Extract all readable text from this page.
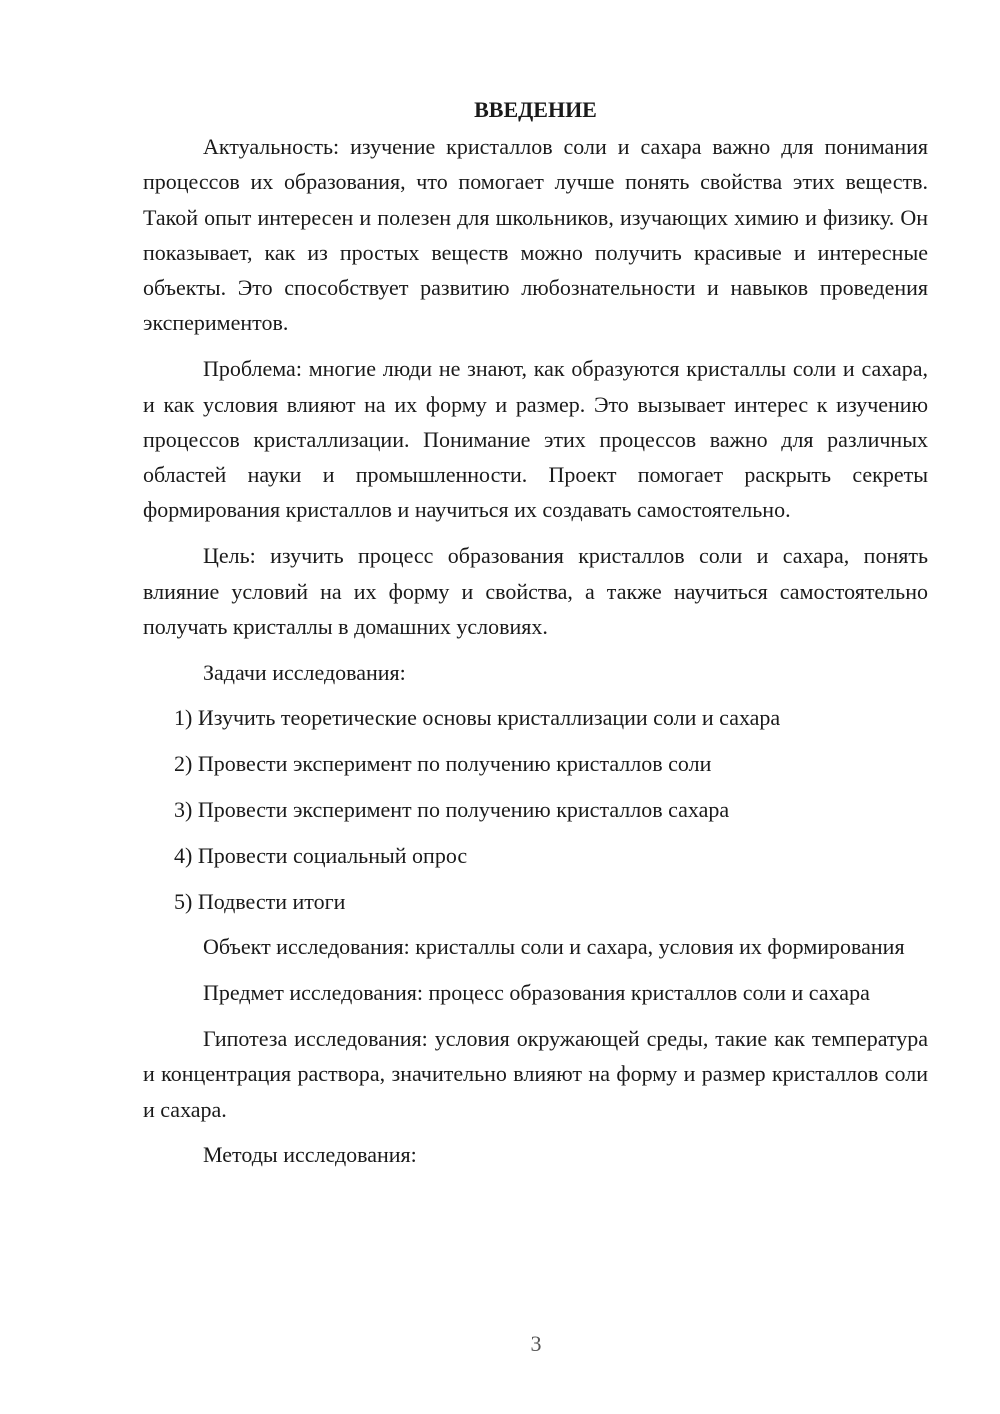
ВВЕДЕНИЕ

Актуальность: изучение кристаллов соли и сахара важно для понимания процессов их образования, что помогает лучше понять свойства этих веществ. Такой опыт интересен и полезен для школьников, изучающих химию и физику. Он показывает, как из простых веществ можно получить красивые и интересные объекты. Это способствует развитию любознательности и навыков проведения экспериментов.

Проблема: многие люди не знают, как образуются кристаллы соли и сахара, и как условия влияют на их форму и размер. Это вызывает интерес к изучению процессов кристаллизации. Понимание этих процессов важно для различных областей науки и промышленности. Проект помогает раскрыть секреты формирования кристаллов и научиться их создавать самостоятельно.

Цель: изучить процесс образования кристаллов соли и сахара, понять влияние условий на их форму и свойства, а также научиться самостоятельно получать кристаллы в домашних условиях.

Задачи исследования:

1) Изучить теоретические основы кристаллизации соли и сахара
2) Провести эксперимент по получению кристаллов соли
3) Провести эксперимент по получению кристаллов сахара
4) Провести социальный опрос
5) Подвести итоги

Объект исследования: кристаллы соли и сахара, условия их формирования

Предмет исследования: процесс образования кристаллов соли и сахара

Гипотеза исследования: условия окружающей среды, такие как температура и концентрация раствора, значительно влияют на форму и размер кристаллов соли и сахара.

Методы исследования:

3
